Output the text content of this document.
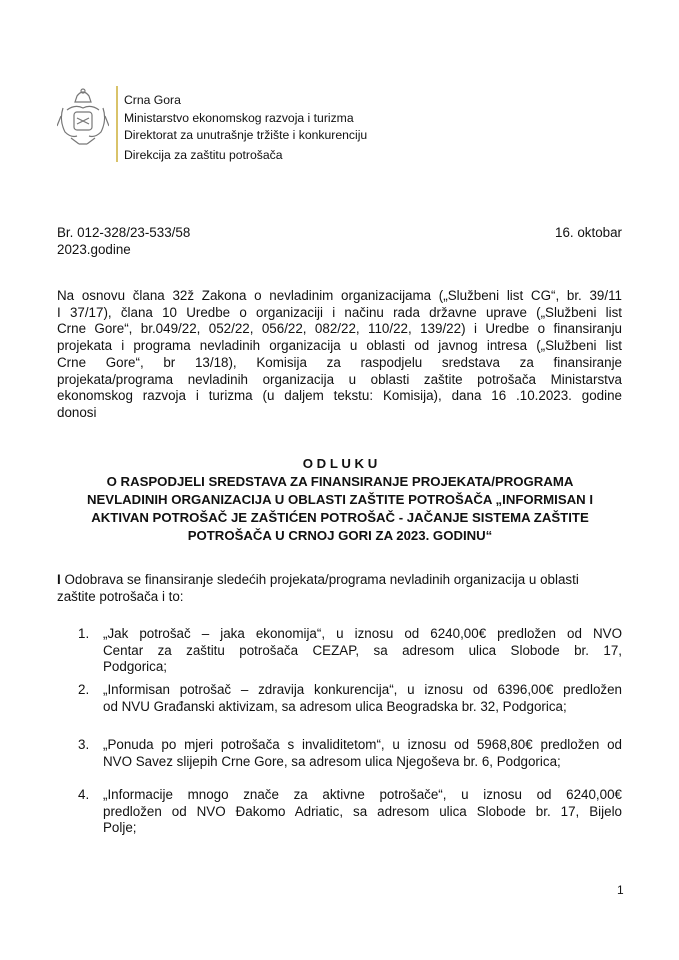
Crna Gora
Ministarstvo ekonomskog razvoja i turizma
Direktorat za unutrašnje tržište i konkurenciju
Direkcija za zaštitu potrošača
Br. 012-328/23-533/58
2023.godine
16. oktobar
Na osnovu člana 32ž Zakona o nevladinim organizacijama („Službeni list CG“, br. 39/11
I 37/17), člana 10 Uredbe o organizaciji i načinu rada državne uprave („Službeni list
Crne Gore“, br.049/22, 052/22, 056/22, 082/22, 110/22, 139/22) i Uredbe o finansiranju
projekata i programa nevladinih organizacija u oblasti od javnog intresa („Službeni list
Crne Gore“, br 13/18), Komisija za raspodjelu sredstava za finansiranje
projekata/programa nevladinih organizacija u oblasti zaštite potrošača Ministarstva
ekonomskog razvoja i turizma (u daljem tekstu: Komisija), dana 16 .10.2023. godine
donosi
O D L U K U
O RASPODJELI SREDSTAVA ZA FINANSIRANJE PROJEKATA/PROGRAMA
NEVLADINIH ORGANIZACIJA U OBLASTI ZAŠTITE POTROŠAČA „INFORMISAN I
AKTIVAN POTROŠAČ JE ZAŠTIĆEN POTROŠAČ - JAČANJE SISTEMA ZAŠTITE
POTROŠAČA U CRNOJ GORI ZA 2023. GODINU“
I Odobrava se finansiranje sledećih projekata/programa nevladinih organizacija u oblasti
zaštite potrošača i to:
1. „Jak potrošač – jaka ekonomija“, u iznosu od 6240,00€ predložen od NVO
Centar za zaštitu potrošača CEZAP, sa adresom ulica Slobode br. 17,
Podgorica;
2. „Informisan potrošač – zdravija konkurencija“, u iznosu od 6396,00€ predložen
od NVU Građanski aktivizam, sa adresom ulica Beogradska br. 32, Podgorica;
3. „Ponuda po mjeri potrošača s invaliditetom“, u iznosu od 5968,80€ predložen od
NVO Savez slijepih Crne Gore, sa adresom ulica Njegoševa br. 6, Podgorica;
4. „Informacije mnogo znače za aktivne potrošače“, u iznosu od 6240,00€
predložen od NVO Đakomo Adriatic, sa adresom ulica Slobode br. 17, Bijelo
Polje;
1
